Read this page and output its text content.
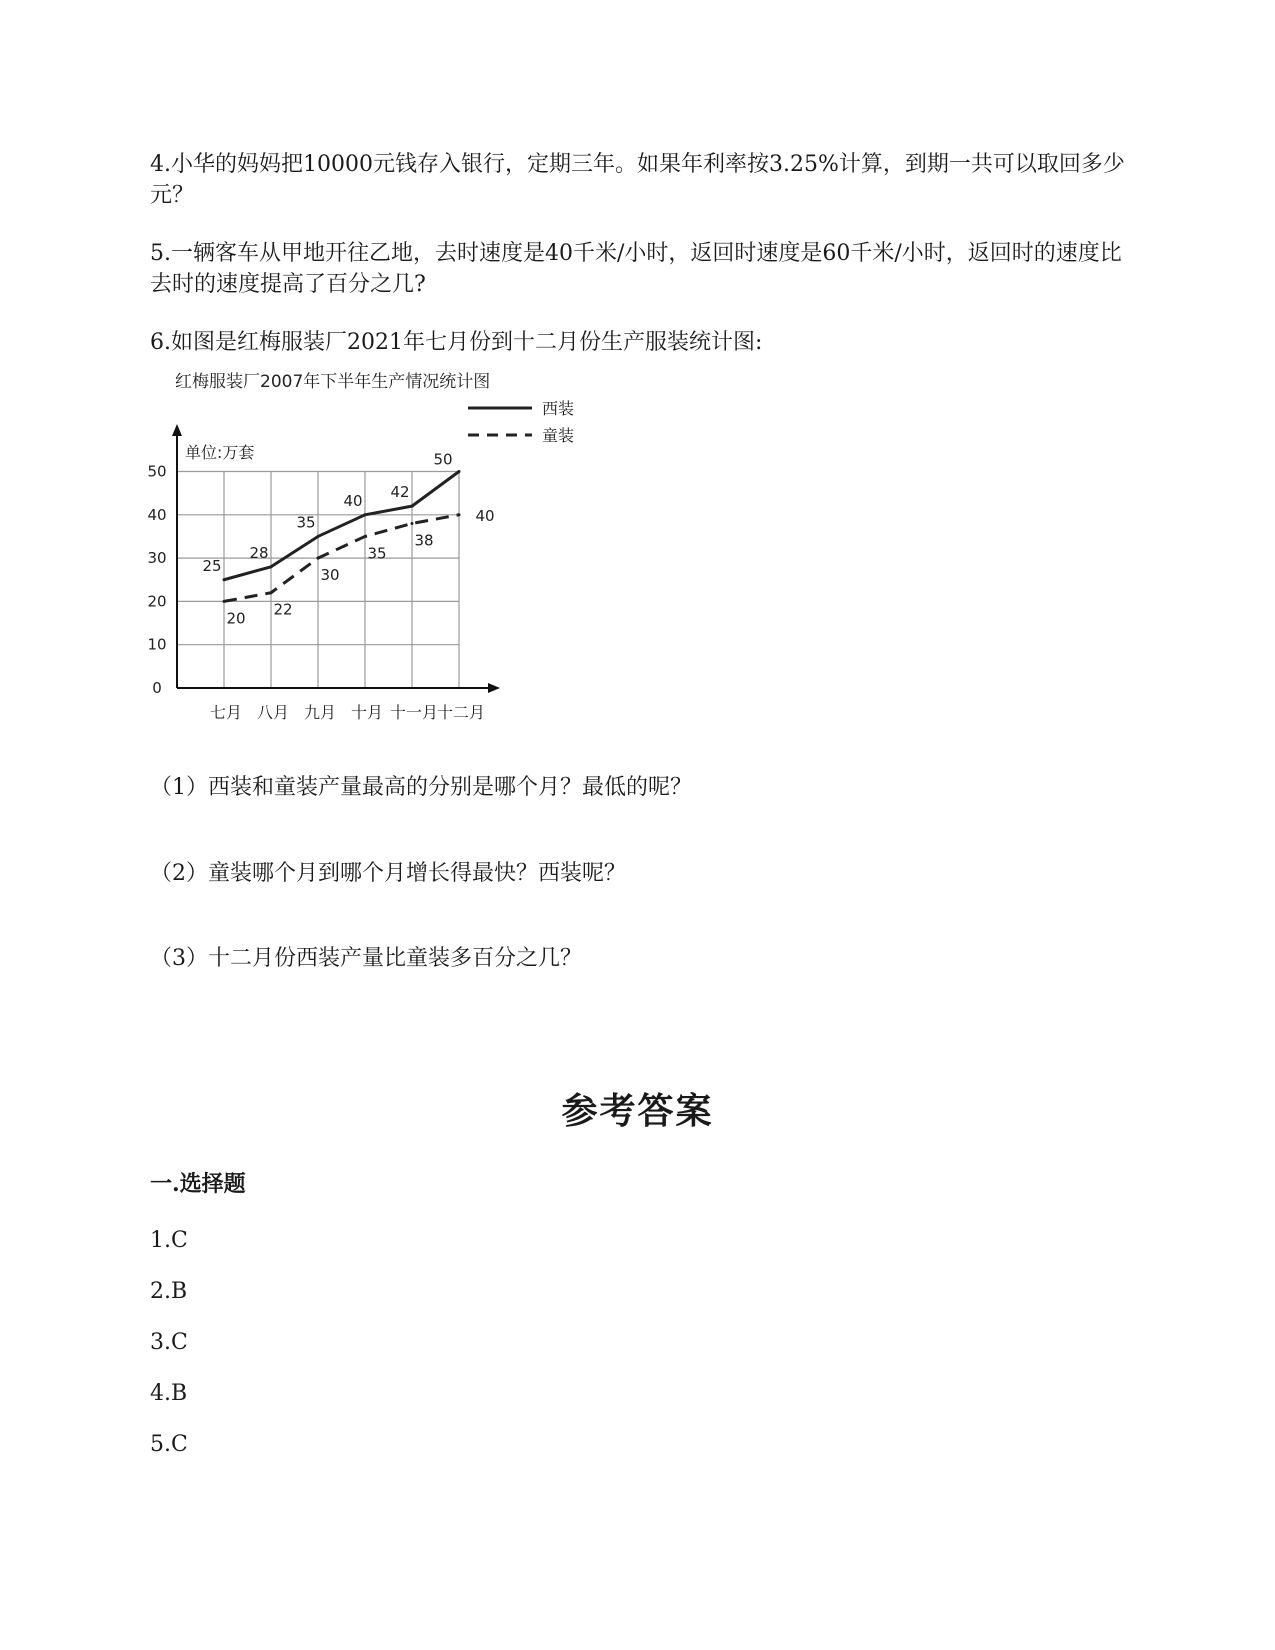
4.小华的妈妈把10000元钱存入银行，定期三年。如果年利率按3.25%计算，到期一共可以取回多少元？
5.一辆客车从甲地开往乙地，去时速度是40千米/小时，返回时速度是60千米/小时，返回时的速度比去时的速度提高了百分之几?
6.如图是红梅服装厂2021年七月份到十二月份生产服装统计图:
红梅服装厂2007年下半年生产情况统计图
西装
童装
单位:万套
0
10
20
30
40
50
七月 八月 九月 十月 十一月
十二月
25
28
35
40 42
50
20 22
30
35
38
40
（1）西装和童装产量最高的分别是哪个月？最低的呢？
（2）童装哪个月到哪个月增长得最快？西装呢？
（3）十二月份西装产量比童装多百分之几？
参考答案
一.选择题
1.C
2.B
3.C
4.B
5.C
